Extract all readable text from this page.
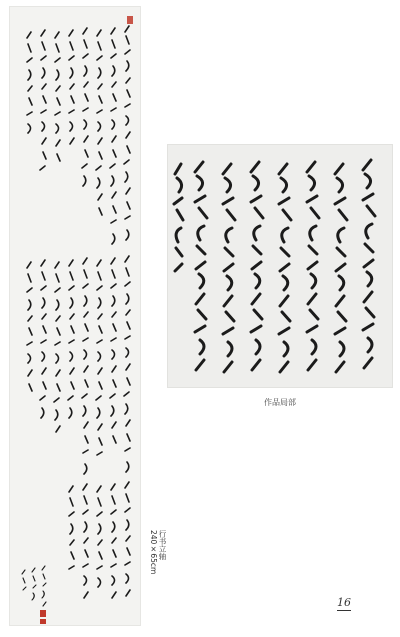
作品局部
行书立轴
240×65cm
16
